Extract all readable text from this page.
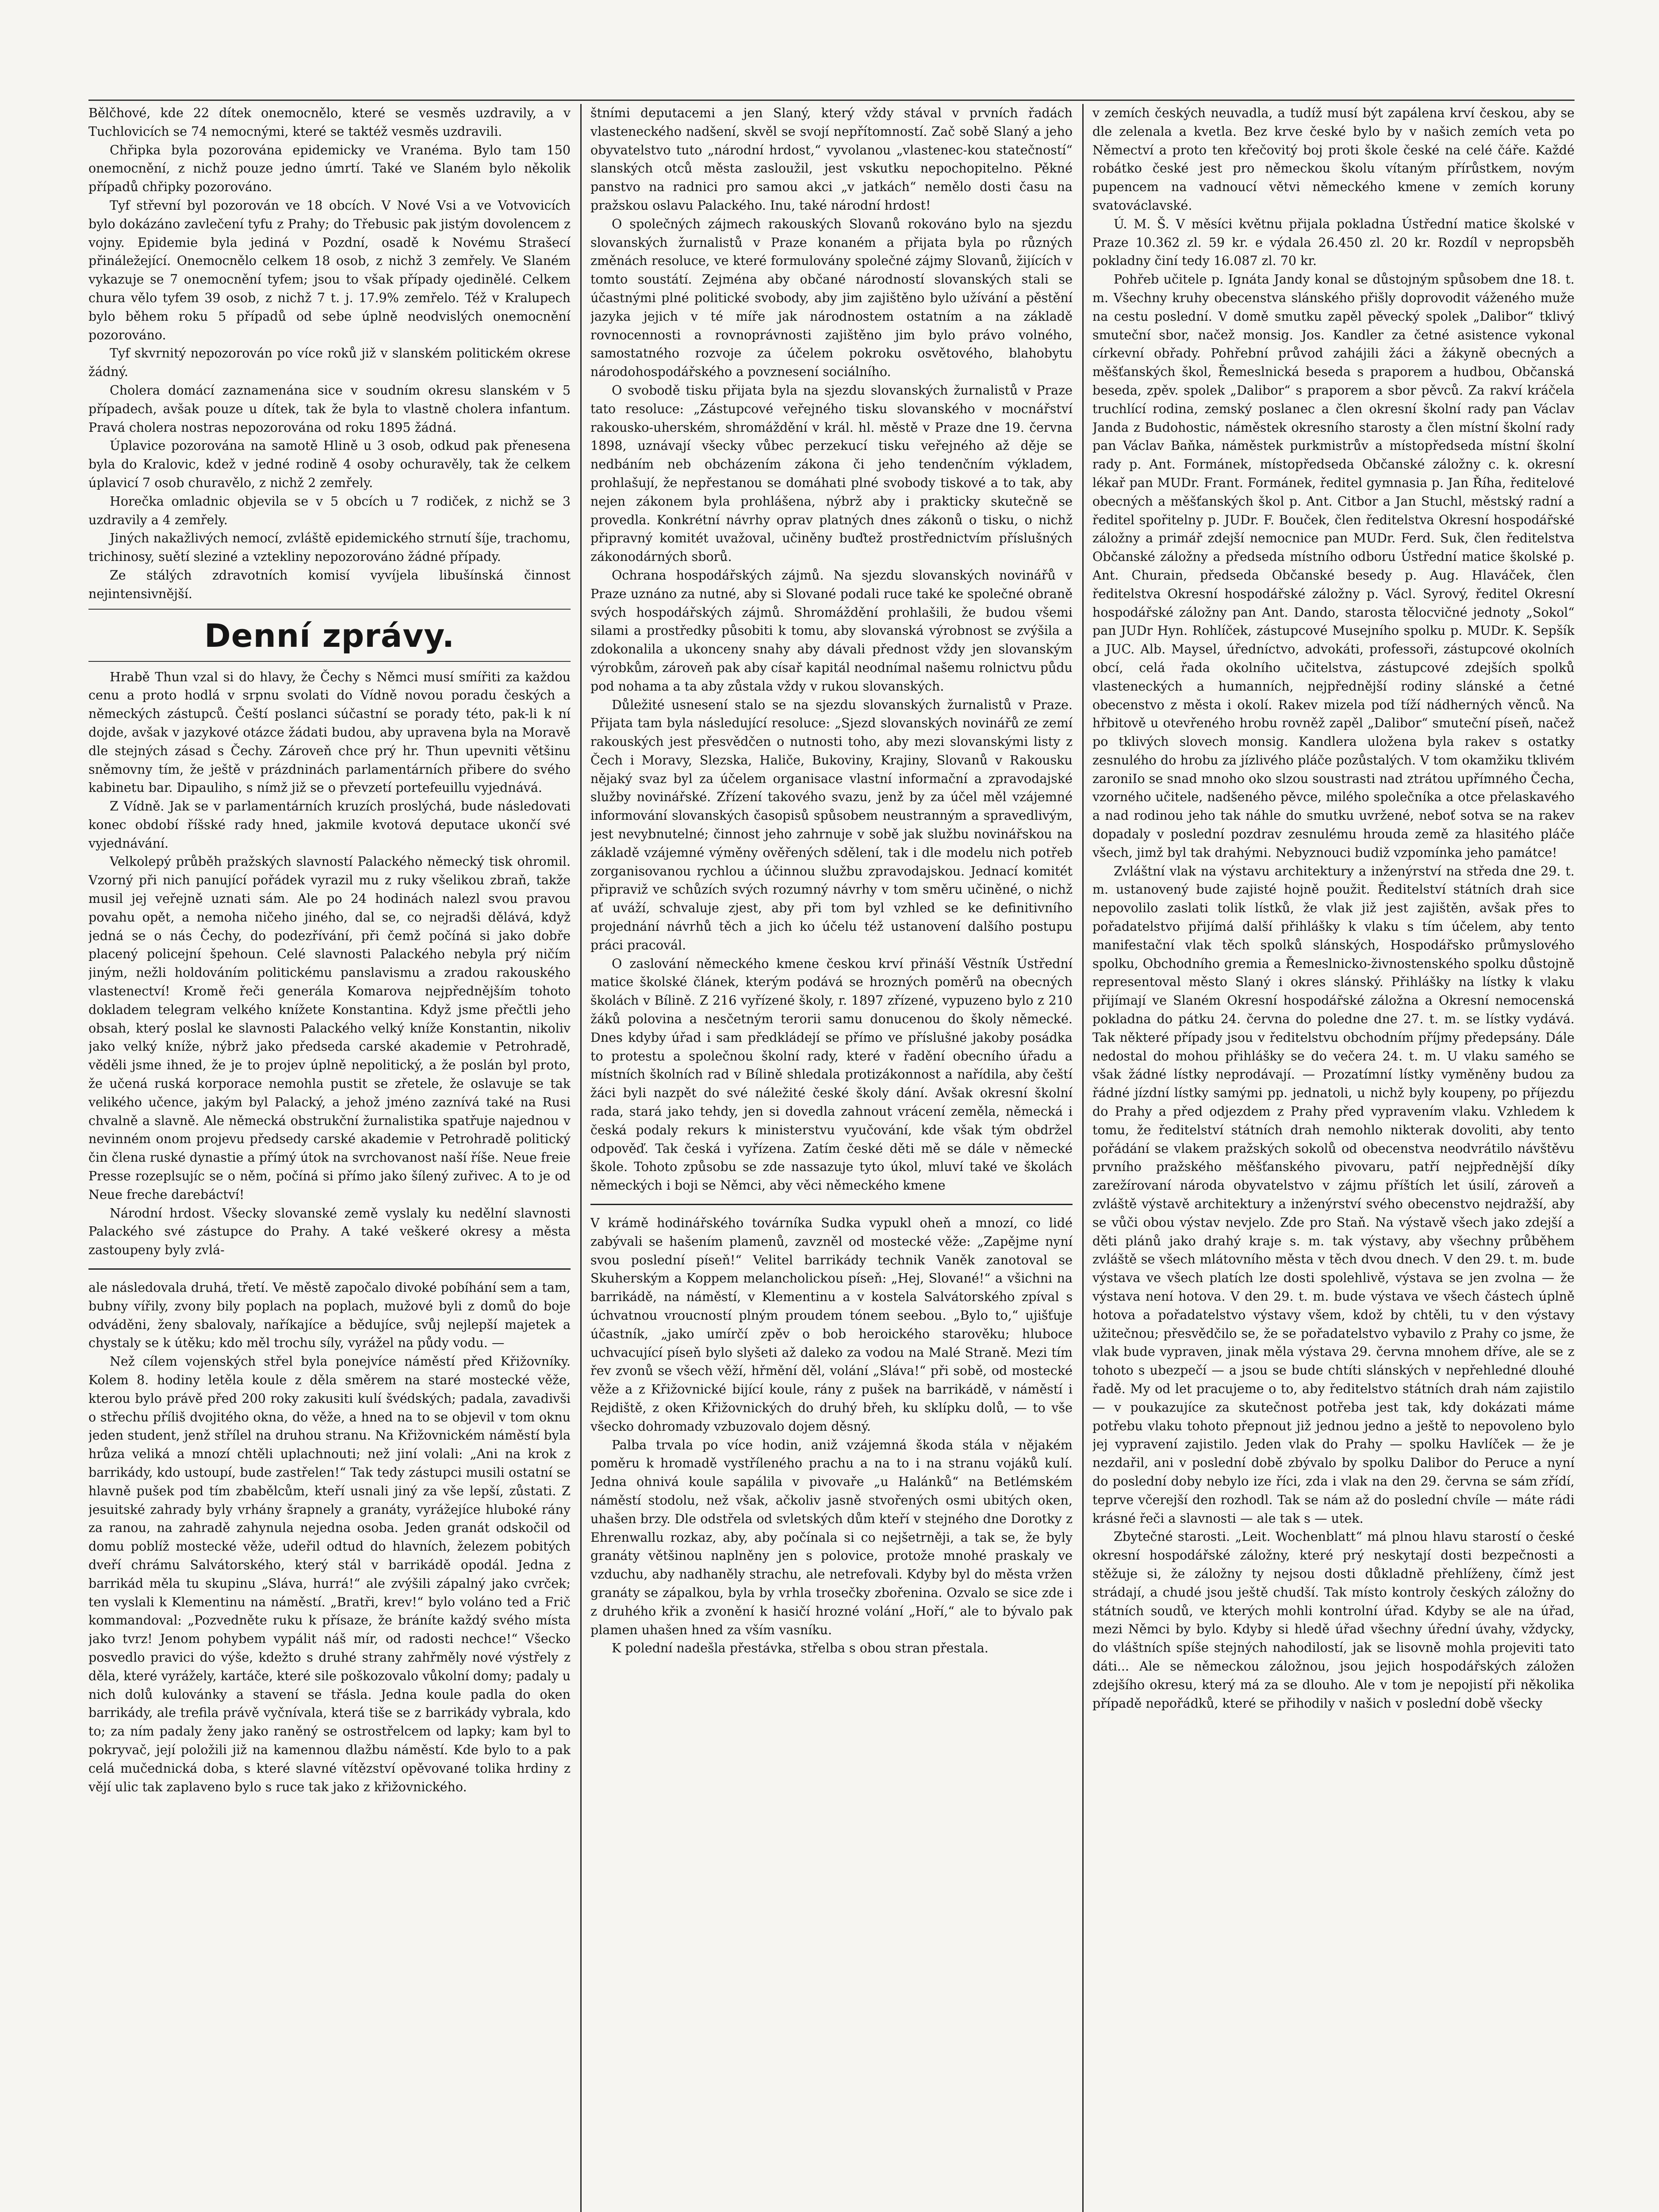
Bělčhové, kde 22 dítek onemocnělo, které se vesměs uzdravily, a v Tuchlovicích se 74 nemocnými, které se taktéž vesměs uzdravili.

Chřipka byla pozorována epidemicky ve Vranéma. Bylo tam 150 onemocnění, z nichž pouze jedno úmrtí. Také ve Slaném bylo několik případů chřipky pozorováno.

Tyf střevní byl pozorován ve 18 obcích. V Nové Vsi a ve Votvovicích bylo dokázáno zavlečení tyfu z Prahy; do Třebusic pak jistým dovolencem z vojny. Epidemie byla jediná v Pozdní, osadě k Novému Strašecí přináležející. Onemocnělo celkem 18 osob, z nichž 3 zemřely. Ve Slaném vykazuje se 7 onemocnění tyfem; jsou to však případy ojedinělé. Celkem chura vělo tyfem 39 osob, z nichž 7 t. j. 17.9% zemřelo. Též v Kralupech bylo během roku 5 případů od sebe úplně neodvislých onemocnění pozorováno.

Tyf skvrnitý nepozorován po více roků již v slanském politickém okrese žádný.

Cholera domácí zaznamenána sice v soudním okresu slanském v 5 případech, avšak pouze u dítek, tak že byla to vlastně cholera infantum. Pravá cholera nostras nepozorována od roku 1895 žádná.

Úplavice pozorována na samotě Hlině u 3 osob, odkud pak přenesena byla do Kralovic, kdež v jedné rodině 4 osoby ochuravěly, tak že celkem úplavicí 7 osob churavělo, z nichž 2 zemřely.

Horečka omladnic objevila se v 5 obcích u 7 rodiček, z nichž se 3 uzdravily a 4 zemřely.

Jiných nakažlivých nemocí, zvláště epidemického strnutí šíje, trachomu, trichinosy, suětí sleziné a vztekliny nepozorováno žádné případy.

Ze stálých zdravotních komisí vyvíjela libušínská činnost nejintensivnější.

Denní zprávy.

Hrabě Thun vzal si do hlavy, že Čechy s Němci musí smířiti za každou cenu a proto hodlá v srpnu svolati do Vídně novou poradu českých a německých zástupců. Čeští poslanci súčastní se porady této, pak-li k ní dojde, avšak v jazykové otázce žádati budou, aby upravena byla na Moravě dle stejných zásad s Čechy. Zároveň chce prý hr. Thun upevniti většinu sněmovny tím, že ještě v prázdninách parlamentárních přibere do svého kabinetu bar. Dipauliho, s nímž již se o převzetí portefeuillu vyjednává.

Z Vídně. Jak se v parlamentárních kruzích proslýchá, bude následovati konec období říšské rady hned, jakmile kvotová deputace ukončí své vyjednávání.

Velkolepý průběh pražských slavností Palackého německý tisk ohromil. Vzorný při nich panující pořádek vyrazil mu z ruky všelikou zbraň, takže musil jej veřejně uznati sám. Ale po 24 hodinách nalezl svou pravou povahu opět, a nemoha ničeho jiného, dal se, co nejradši dělává, když jedná se o nás Čechy, do podezřívání, při čemž počíná si jako dobře placený policejní špehoun. Celé slavnosti Palackého nebyla prý ničím jiným, nežli holdováním politickému panslavismu a zradou rakouského vlastenectví! Kromě řeči generála Komarova nejpřednějším tohoto dokladem telegram velkého knížete Konstantina. Když jsme přečtli jeho obsah, který poslal ke slavnosti Palackého velký kníže Konstantin, nikoliv jako velký kníže, nýbrž jako předseda carské akademie v Petrohradě, věděli jsme ihned, že je to projev úplně nepolitický, a že poslán byl proto, že učená ruská korporace nemohla pustit se zřetele, že oslavuje se tak velikého učence, jakým byl Palacký, a jehož jméno zaznívá také na Rusi chvalně a slavně. Ale německá obstrukční žurnalistika spatřuje najednou v nevinném onom projevu předsedy carské akademie v Petrohradě politický čin člena ruské dynastie a přímý útok na svrchovanost naší říše. Neue freie Presse rozeplsujíc se o něm, počíná si přímo jako šílený zuřivec. A to je od Neue freche darebáctví!

Národní hrdost. Všecky slovanské země vyslaly ku nedělní slavnosti Palackého své zástupce do Prahy. A také veškeré okresy a města zastoupeny byly zvlá-

ale následovala druhá, třetí. Ve městě započalo divoké pobíhání sem a tam, bubny vířily, zvony bily poplach na poplach, mužové byli z domů do boje odváděni, ženy sbalovaly, naříkajíce a bědujíce, svůj nejlepší majetek a chystaly se k útěku; kdo měl trochu síly, vyrážel na půdy vodu. —

Než cílem vojenských střel byla ponejvíce náměstí před Křižovníky. Kolem 8. hodiny letěla koule z děla směrem na staré mostecké věže, kterou bylo právě před 200 roky zakusiti kulí švédských; padala, zavadivši o střechu příliš dvojitého okna, do věže, a hned na to se objevil v tom oknu jeden student, jenž střílel na druhou stranu. Na Křižovnickém náměstí byla hrůza veliká a mnozí chtěli uplachnouti; než jiní volali: „Ani na krok z barrikády, kdo ustoupí, bude zastřelen!“ Tak tedy zástupci musili ostatní se hlavně pušek pod tím zbabělcům, kteří usnali jiný za vše lepší, zůstati. Z jesuitské zahrady byly vrhány šrapnely a granáty, vyrážejíce hluboké rány za ranou, na zahradě zahynula nejedna osoba. Jeden granát odskočil od domu poblíž mostecké věže, udeřil odtud do hlavních, železem pobitých dveří chrámu Salvátorského, který stál v barrikádě opodál. Jedna z barrikád měla tu skupinu „Sláva, hurrá!“ ale zvýšili zápalný jako cvrček; ten vyslali k Klementinu na náměstí. „Bratři, krev!“ bylo voláno ted a Frič kommandoval: „Pozvedněte ruku k přísaze, že bráníte každý svého místa jako tvrz! Jenom pohybem vypálit náš mír, od radosti nechce!“ Všecko posvedlo pravici do výše, kdežto s druhé strany zahřměly nové výstřely z děla, které vyrážely, kartáče, které sile poškozovalo vůkolní domy; padaly u nich dolů kulovánky a stavení se třásla. Jedna koule padla do oken barrikády, ale trefila právě vyčnívala, která tiše se z barrikády vybrala, kdo to; za ním padaly ženy jako raněný se ostrostřelcem od lapky; kam byl to pokryvač, její položili již na kamennou dlažbu náměstí. Kde bylo to a pak celá mučednická doba, s které slavné vítězství opěvované tolika hrdiny z vějí ulic tak zaplaveno bylo s ruce tak jako z křižovnického.

štními deputacemi a jen Slaný, který vždy stával v prvních řadách vlasteneckého nadšení, skvěl se svojí nepřítomností. Zač sobě Slaný a jeho obyvatelstvo tuto „národní hrdost,“ vyvolanou „vlastenec-kou statečností“ slanských otců města zasloužil, jest vskutku nepochopitelno. Pěkné panstvo na radnici pro samou akci „v jatkách“ nemělo dosti času na pražskou oslavu Palackého. Inu, také národní hrdost!

O společných zájmech rakouských Slovanů rokováno bylo na sjezdu slovanských žurnalistů v Praze konaném a přijata byla po různých změnách resoluce, ve které formulovány společné zájmy Slovanů, žijících v tomto soustátí. Zejména aby občané národností slovanských stali se účastnými plné politické svobody, aby jim zajištěno bylo užívání a pěstění jazyka jejich v té míře jak národnostem ostatním a na základě rovnocennosti a rovnoprávnosti zajištěno jim bylo právo volného, samostatného rozvoje za účelem pokroku osvětového, blahobytu národohospodářského a povznesení sociálního.

O svobodě tisku přijata byla na sjezdu slovanských žurnalistů v Praze tato resoluce: „Zástupcové veřejného tisku slovanského v mocnářství rakousko-uherském, shromáždění v král. hl. městě v Praze dne 19. června 1898, uznávají všecky vůbec perzekucí tisku veřejného až děje se nedbáním neb obcházením zákona či jeho tendenčním výkladem, prohlašují, že nepřestanou se domáhati plné svobody tiskové a to tak, aby nejen zákonem byla prohlášena, nýbrž aby i prakticky skutečně se provedla. Konkrétní návrhy oprav platných dnes zákonů o tisku, o nichž připravný komitét uvažoval, učiněny buďtež prostřednictvím příslušných zákonodárných sborů.

Ochrana hospodářských zájmů. Na sjezdu slovanských novinářů v Praze uznáno za nutné, aby si Slované podali ruce také ke společné obraně svých hospodářských zájmů. Shromáždění prohlašili, že budou všemi silami a prostředky působiti k tomu, aby slovanská výrobnost se zvýšila a zdokonalila a ukonceny snahy aby dávali přednost vždy jen slovanským výrobkům, zároveň pak aby císař kapitál neodnímal našemu rolnictvu půdu pod nohama a ta aby zůstala vždy v rukou slovanských.

Důležité usnesení stalo se na sjezdu slovanských žurnalistů v Praze. Přijata tam byla následující resoluce: „Sjezd slovanských novinářů ze zemí rakouských jest přesvědčen o nutnosti toho, aby mezi slovanskými listy z Čech i Moravy, Slezska, Haliče, Bukoviny, Krajiny, Slovanů v Rakousku nějaký svaz byl za účelem organisace vlastní informační a zpravodajské služby novinářské. Zřízení takového svazu, jenž by za účel měl vzájemné informování slovanských časopisů spůsobem neustranným a spravedlivým, jest nevybnutelné; činnost jeho zahrnuje v sobě jak službu novinářskou na základě vzájemné výměny ověřených sdělení, tak i dle modelu nich potřeb zorganisovanou rychlou a účinnou službu zpravodajskou. Jednací komitét připraviž ve schůzích svých rozumný návrhy v tom směru učiněné, o nichž ať uváží, schvaluje zjest, aby při tom byl vzhled se ke definitivního projednání návrhů těch a jich ko účelu též ustanovení dalšího postupu práci pracovál.

O zaslování německého kmene českou krví přináší Věstník Ústřední matice školské článek, kterým podává se hrozných poměrů na obecných školách v Bílině. Z 216 vyřízené školy, r. 1897 zřízené, vypuzeno bylo z 210 žáků polovina a nesčetným terorii samu donucenou do školy německé. Dnes kdyby úřad i sam předkládejí se přímo ve příslušné jakoby posádka to protestu a společnou školní rady, které v řadění obecního úřadu a místních školních rad v Bílině shledala protizákonnost a nařídila, aby čeští žáci byli nazpět do své náležité české školy dání. Avšak okresní školní rada, stará jako tehdy, jen si dovedla zahnout vrácení zeměla, německá i česká podaly rekurs k ministerstvu vyučování, kde však tým obdržel odpověď. Tak česká i vyřízena. Zatím české děti mě se dále v německé škole. Tohoto způsobu se zde nassazuje tyto úkol, mluví také ve školách německých i boji se Němci, aby věci německého kmene

V krámě hodinářského továrníka Sudka vypukl oheň a mnozí, co lidé zabývali se hašením plamenů, zavzněl od mostecké věže: „Zapějme nyní svou poslední píseň!“ Velitel barrikády technik Vaněk zanotoval se Skuherským a Koppem melancholickou píseň: „Hej, Slované!“ a všichni na barrikádě, na náměstí, v Klementinu a v kostela Salvátorského zpíval s úchvatnou vroucností plným proudem tónem seebou. „Bylo to,“ ujišťuje účastník, „jako umírčí zpěv o bob heroického starověku; hluboce uchvacující píseň bylo slyšeti až daleko za vodou na Malé Straně. Mezi tím řev zvonů se všech věží, hřmění děl, volání „Sláva!“ při sobě, od mostecké věže a z Křižovnické bijící koule, rány z pušek na barrikádě, v náměstí i Rejdiště, z oken Křižovnických do druhý břeh, ku sklípku dolů, — to vše všecko dohromady vzbuzovalo dojem děsný.

Palba trvala po více hodin, aniž vzájemná škoda stála v nějakém poměru k hromadě vystříleného prachu a na to i na stranu vojáků kulí. Jedna ohnivá koule sapálila v pivovaře „u Halánků“ na Betlémském náměstí stodolu, než však, ačkoliv jasně stvořených osmi ubitých oken, uhašen brzy. Dle odstřela od svletských dům kteří v stejného dne Dorotky z Ehrenwallu rozkaz, aby, aby počínala si co nejšetrněji, a tak se, že byly granáty většinou naplněny jen s polovice, protože mnohé praskaly ve vzduchu, aby nadhaněly strachu, ale netrefovali. Kdyby byl do města vržen granáty se zápalkou, byla by vrhla trosečky zbořenina. Ozvalo se sice zde i z druhého křik a zvonění k hasičí hrozné volání „Hoří,“ ale to bývalo pak plamen uhašen hned za vším vasníku.

K polední nadešla přestávka, střelba s obou stran přestala.

v zemích českých neuvadla, a tudíž musí být zapálena krví českou, aby se dle zelenala a kvetla. Bez krve české bylo by v našich zemích veta po Němectví a proto ten křečovitý boj proti škole české na celé čáře. Každé robátko české jest pro německou školu vítaným přírůstkem, novým pupencem na vadnoucí větvi německého kmene v zemích koruny svatováclavské.

Ú. M. Š. V měsíci květnu přijala pokladna Ústřední matice školské v Praze 10.362 zl. 59 kr. e výdala 26.450 zl. 20 kr. Rozdíl v nepropsběh pokladny činí tedy 16.087 zl. 70 kr.

Pohřeb učitele p. Ignáta Jandy konal se důstojným spůsobem dne 18. t. m. Všechny kruhy obecenstva slánského přišly doprovodit váženého muže na cestu poslední. V domě smutku zapěl pěvecký spolek „Dalibor“ tklivý smuteční sbor, načež monsig. Jos. Kandler za četné asistence vykonal církevní obřady. Pohřební průvod zahájili žáci a žákyně obecných a měšťanských škol, Řemeslnická beseda s praporem a hudbou, Občanská beseda, zpěv. spolek „Dalibor“ s praporem a sbor pěvců. Za rakví kráčela truchlící rodina, zemský poslanec a člen okresní školní rady pan Václav Janda z Budohostic, náměstek okresního starosty a člen místní školní rady pan Václav Baňka, náměstek purkmistrův a místopředseda místní školní rady p. Ant. Formánek, místopředseda Občanské záložny c. k. okresní lékař pan MUDr. Frant. Formánek, ředitel gymnasia p. Jan Říha, ředitelové obecných a měšťanských škol p. Ant. Citbor a Jan Stuchl, městský radní a ředitel spořitelny p. JUDr. F. Bouček, člen ředitelstva Okresní hospodářské záložny a primář zdejší nemocnice pan MUDr. Ferd. Suk, člen ředitelstva Občanské záložny a předseda místního odboru Ústřední matice školské p. Ant. Churain, předseda Občanské besedy p. Aug. Hlaváček, člen ředitelstva Okresní hospodářské záložny p. Václ. Syrový, ředitel Okresní hospodářské záložny pan Ant. Dando, starosta tělocvičné jednoty „Sokol“ pan JUDr Hyn. Rohlíček, zástupcové Musejního spolku p. MUDr. K. Sepšík a JUC. Alb. Maysel, úředníctvo, advokáti, professoři, zástupcové okolních obcí, celá řada okolního učitelstva, zástupcové zdejších spolků vlasteneckých a humanních, nejpřednější rodiny slánské a četné obecenstvo z města i okolí. Rakev mizela pod tíží nádherných věnců. Na hřbitově u otevřeného hrobu rovněž zapěl „Dalibor“ smuteční píseň, načež po tklivých slovech monsig. Kandlera uložena byla rakev s ostatky zesnulého do hrobu za jízlivého pláče pozůstalých. V tom okamžiku tklivém zaroniIo se snad mnoho oko slzou soustrasti nad ztrátou upřímného Čecha, vzorného učitele, nadšeného pěvce, milého společníka a otce přelaskavého a nad rodinou jeho tak náhle do smutku uvržené, neboť sotva se na rakev dopadaly v poslední pozdrav zesnulému hrouda země za hlasitého pláče všech, jimž byl tak drahými. Nebyznouci budiž vzpomínka jeho památce!

Zvláštní vlak na výstavu architektury a inženýrství na středa dne 29. t. m. ustanovený bude zajisté hojně použit. Ředitelství státních drah sice nepovolilo zaslati tolik lístků, že vlak již jest zajištěn, avšak přes to pořadatelstvo přijímá další přihlášky k vlaku s tím účelem, aby tento manifestační vlak těch spolků slánských, Hospodářsko průmyslového spolku, Obchodního gremia a Řemeslnicko-živnostenského spolku důstojně representoval město Slaný i okres slánský. Přihlášky na lístky k vlaku přijímají ve Slaném Okresní hospodářské záložna a Okresní nemocenská pokladna do pátku 24. června do poledne dne 27. t. m. se lístky vydává. Tak některé případy jsou v ředitelstvu obchodním příjmy předepsány. Dále nedostal do mohou přihlášky se do večera 24. t. m. U vlaku samého se však žádné lístky neprodávají. — Prozatímní lístky vyměněny budou za řádné jízdní lístky samými pp. jednatoli, u nichž byly koupeny, po příjezdu do Prahy a před odjezdem z Prahy před vypravením vlaku. Vzhledem k tomu, že ředitelství státních drah nemohlo nikterak dovoliti, aby tento pořádání se vlakem pražských sokolů od obecenstva neodvrátilo návštěvu prvního pražského měšťanského pivovaru, patří nejpřednější díky zarežírovaní národa obyvatelstvo v zájmu příštích let úsilí, zároveň a zvláště výstavě architektury a inženýrství svého obecenstvo nejdražší, aby se vůči obou výstav nevjelo. Zde pro Staň. Na výstavě všech jako zdejší a děti plánů jako drahý kraje s. m. tak výstavy, aby všechny průběhem zvláště se všech mlátovního města v těch dvou dnech. V den 29. t. m. bude výstava ve všech platích lze dosti spolehlivě, výstava se jen zvolna — že výstava není hotova. V den 29. t. m. bude výstava ve všech částech úplně hotova a pořadatelstvo výstavy všem, kdož by chtěli, tu v den výstavy užitečnou; přesvědčilo se, že se pořadatelstvo vybavilo z Prahy co jsme, že vlak bude vypraven, jinak měla výstava 29. června mnohem dříve, ale se z tohoto s ubezpečí — a jsou se bude chtíti slánských v nepřehledné dlouhé řadě. My od let pracujeme o to, aby ředitelstvo státních drah nám zajistilo — v poukazujíce za skutečnost potřeba jest tak, kdy dokázati máme potřebu vlaku tohoto přepnout již jednou jedno a ještě to nepovoleno bylo jej vypravení zajistilo. Jeden vlak do Prahy — spolku Havlíček — že je nezdařil, ani v poslední době zbývalo by spolku Dalibor do Peruce a nyní do poslední doby nebylo ize říci, zda i vlak na den 29. června se sám zřídí, teprve včerejší den rozhodl. Tak se nám až do poslední chvíle — máte rádi krásné řeči a slavnosti — ale tak s — utek.

Zbytečné starosti. „Leit. Wochenblatt“ má plnou hlavu starostí o české okresní hospodářské záložny, které prý neskytají dosti bezpečnosti a stěžuje si, že záložny ty nejsou dosti důkladně přehlíženy, čímž jest strádají, a chudé jsou ještě chudší. Tak místo kontroly českých záložny do státních soudů, ve kterých mohli kontrolní úřad. Kdyby se ale na úřad, mezi Němci by bylo. Kdyby si hledě úřad všechny úřední úvahy, vždycky, do vláštních spíše stejných nahodilostí, jak se lisovně mohla projeviti tato dáti... Ale se německou záložnou, jsou jejich hospodářských záložen zdejšího okresu, který má za se dlouho. Ale v tom je nepojistí při několika případě nepořádků, které se přihodily v našich v poslední době všecky
